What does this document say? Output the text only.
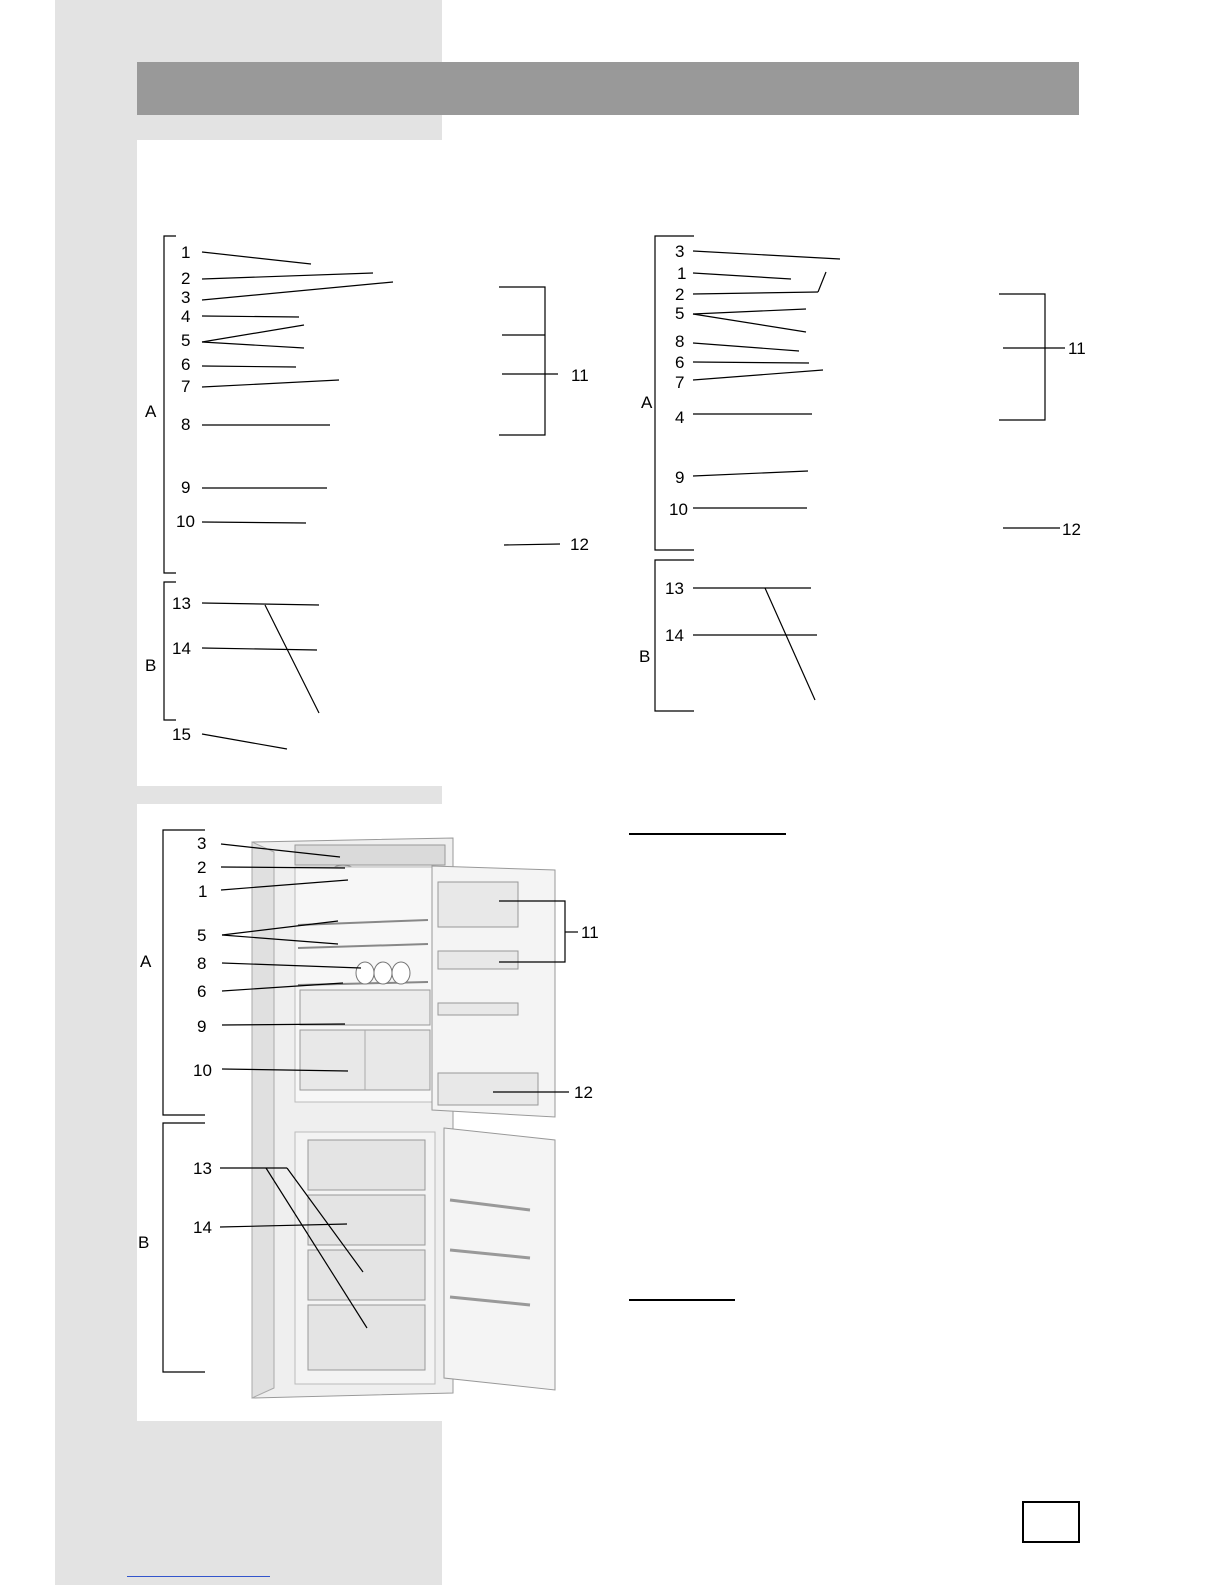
1
2
3
4
5
6
7
8
9
10
11
12
13
14
15
A
B
3
1
2
5
8
6
7
4
9
10
11
12
13
14
A
B
3
2
1
5
8
6
9
10
11
12
13
14
A
B
